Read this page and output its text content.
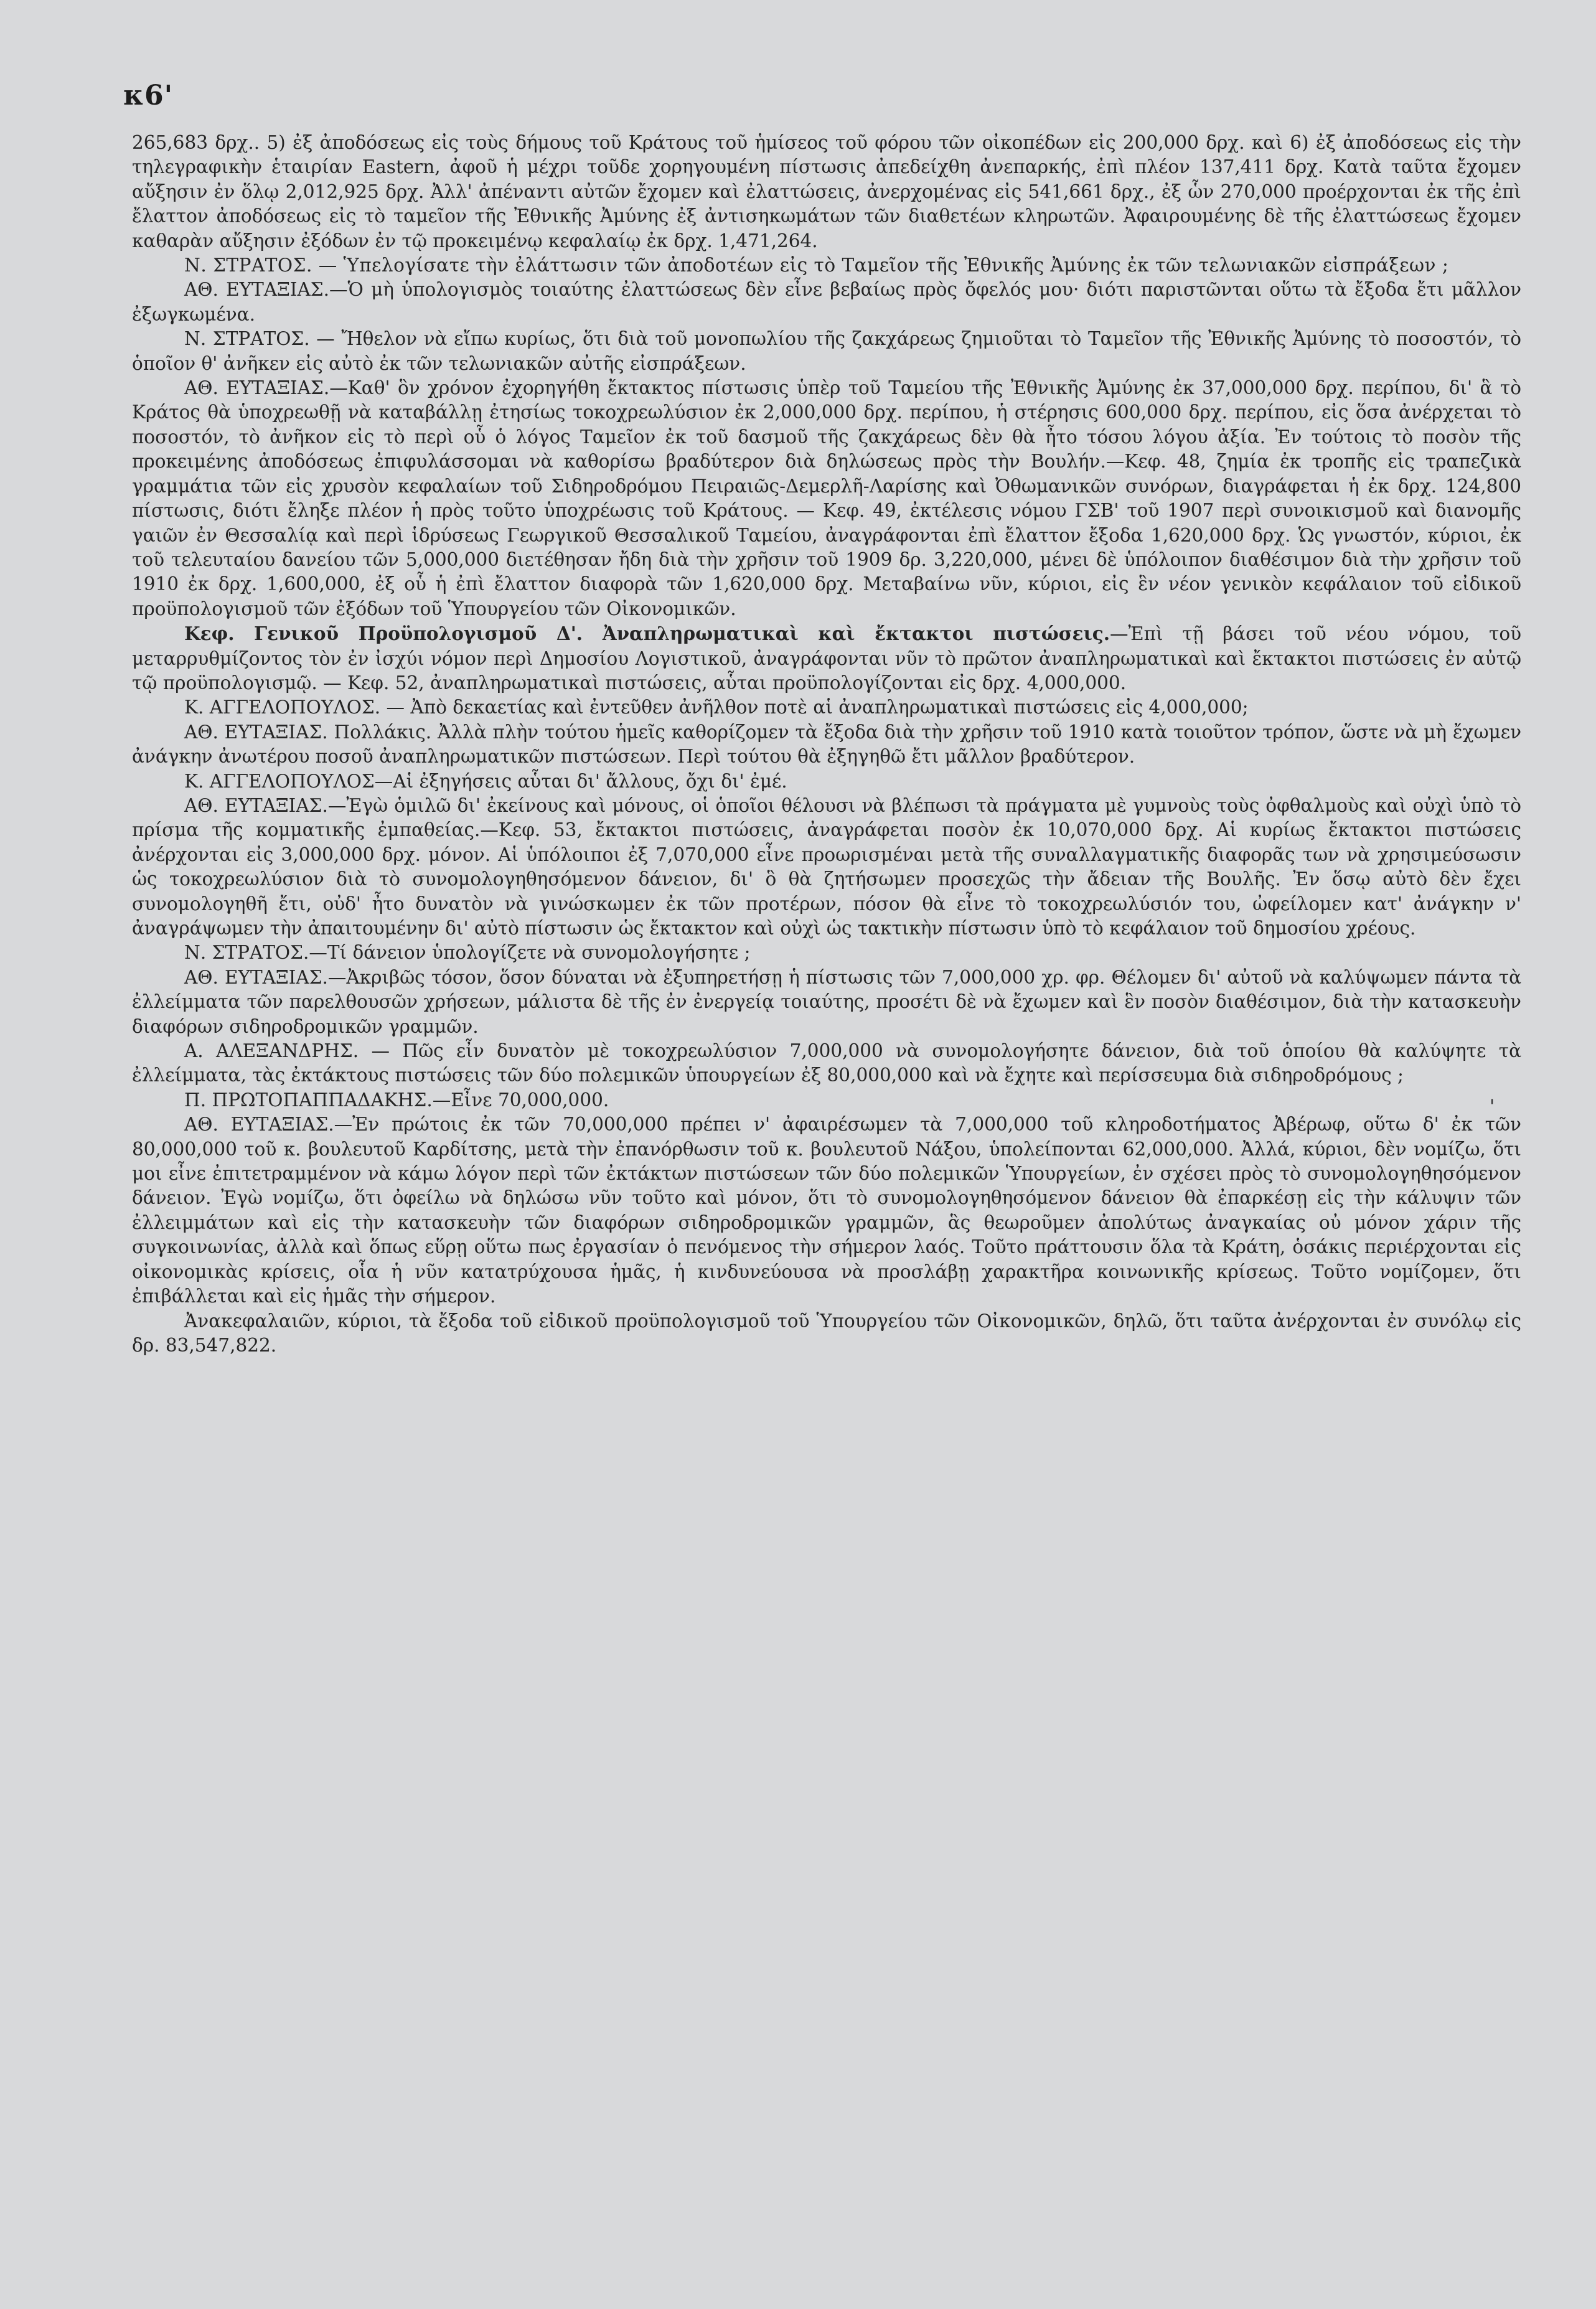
κ6'
'

265,683 δρχ.. 5) ἐξ ἀποδόσεως εἰς τοὺς δήμους τοῦ Κράτους τοῦ ἡμίσεος τοῦ φόρου τῶν οἰκοπέδων εἰς 200,000 δρχ. καὶ 6) ἐξ ἀποδόσεως εἰς τὴν τηλεγραφικὴν ἑταιρίαν Eastern, ἀφοῦ ἡ μέχρι τοῦδε χορηγουμένη πίστωσις ἀπεδείχθη ἀνεπαρκής, ἐπὶ πλέον 137,411 δρχ. Κατὰ ταῦτα ἔχομεν αὔξησιν ἐν ὅλῳ 2,012,925 δρχ. Ἀλλ' ἀπέναντι αὐτῶν ἔχομεν καὶ ἐλαττώσεις, ἀνερχομένας εἰς 541,661 δρχ., ἐξ ὧν 270,000 προέρχονται ἐκ τῆς ἐπὶ ἔλαττον ἀποδόσεως εἰς τὸ ταμεῖον τῆς Ἐθνικῆς Ἀμύνης ἐξ ἀντισηκωμάτων τῶν διαθετέων κληρωτῶν. Ἀφαιρουμένης δὲ τῆς ἐλαττώσεως ἔχομεν καθαρὰν αὔξησιν ἐξόδων ἐν τῷ προκειμένῳ κεφαλαίῳ ἐκ δρχ. 1,471,264.

Ν. ΣΤΡΑΤΟΣ. — Ὑπελογίσατε τὴν ἐλάττωσιν τῶν ἀποδοτέων εἰς τὸ Ταμεῖον τῆς Ἐθνικῆς Ἀμύνης ἐκ τῶν τελωνιακῶν εἰσπράξεων ;

ΑΘ. ΕΥΤΑΞΙΑΣ.—Ὁ μὴ ὑπολογισμὸς τοιαύτης ἐλαττώσεως δὲν εἶνε βεβαίως πρὸς ὄφελός μου· διότι παριστῶνται οὕτω τὰ ἔξοδα ἔτι μᾶλλον ἐξωγκωμένα.

Ν. ΣΤΡΑΤΟΣ. — Ἤθελον νὰ εἴπω κυρίως, ὅτι διὰ τοῦ μονοπωλίου τῆς ζακχάρεως ζημιοῦται τὸ Ταμεῖον τῆς Ἐθνικῆς Ἀμύνης τὸ ποσοστόν, τὸ ὁποῖον θ' ἀνῆκεν εἰς αὐτὸ ἐκ τῶν τελωνιακῶν αὐτῆς εἰσπράξεων.

ΑΘ. ΕΥΤΑΞΙΑΣ.—Καθ' ὃν χρόνον ἐχορηγήθη ἔκτακτος πίστωσις ὑπὲρ τοῦ Ταμείου τῆς Ἐθνικῆς Ἀμύνης ἐκ 37,000,000 δρχ. περίπου, δι' ἃ τὸ Κράτος θὰ ὑποχρεωθῇ νὰ καταβάλλῃ ἐτησίως τοκοχρεωλύσιον ἐκ 2,000,000 δρχ. περίπου, ἡ στέρησις 600,000 δρχ. περίπου, εἰς ὅσα ἀνέρχεται τὸ ποσοστόν, τὸ ἀνῆκον εἰς τὸ περὶ οὗ ὁ λόγος Ταμεῖον ἐκ τοῦ δασμοῦ τῆς ζακχάρεως δὲν θὰ ἦτο τόσου λόγου ἀξία. Ἐν τούτοις τὸ ποσὸν τῆς προκειμένης ἀποδόσεως ἐπιφυλάσσομαι νὰ καθορίσω βραδύτερον διὰ δηλώσεως πρὸς τὴν Βουλήν.—Κεφ. 48, ζημία ἐκ τροπῆς εἰς τραπεζικὰ γραμμάτια τῶν εἰς χρυσὸν κεφαλαίων τοῦ Σιδηροδρόμου Πειραιῶς-Δεμερλῆ-Λαρίσης καὶ Ὀθωμανικῶν συνόρων, διαγράφεται ἡ ἐκ δρχ. 124,800 πίστωσις, διότι ἔληξε πλέον ἡ πρὸς τοῦτο ὑποχρέωσις τοῦ Κράτους. — Κεφ. 49, ἐκτέλεσις νόμου ΓΣΒ' τοῦ 1907 περὶ συνοικισμοῦ καὶ διανομῆς γαιῶν ἐν Θεσσαλίᾳ καὶ περὶ ἱδρύσεως Γεωργικοῦ Θεσσαλικοῦ Ταμείου, ἀναγράφονται ἐπὶ ἔλαττον ἔξοδα 1,620,000 δρχ. Ὡς γνωστόν, κύριοι, ἐκ τοῦ τελευταίου δανείου τῶν 5,000,000 διετέθησαν ἤδη διὰ τὴν χρῆσιν τοῦ 1909 δρ. 3,220,000, μένει δὲ ὑπόλοιπον διαθέσιμον διὰ τὴν χρῆσιν τοῦ 1910 ἐκ δρχ. 1,600,000, ἐξ οὗ ἡ ἐπὶ ἔλαττον διαφορὰ τῶν 1,620,000 δρχ. Μεταβαίνω νῦν, κύριοι, εἰς ἓν νέον γενικὸν κεφάλαιον τοῦ εἰδικοῦ προϋπολογισμοῦ τῶν ἐξόδων τοῦ Ὑπουργείου τῶν Οἰκονομικῶν.

Κεφ. Γενικοῦ Προϋπολογισμοῦ Δ'. Ἀναπληρωματικαὶ καὶ ἔκτακτοι πιστώσεις.—Ἐπὶ τῇ βάσει τοῦ νέου νόμου, τοῦ μεταρρυθμίζοντος τὸν ἐν ἰσχύι νόμον περὶ Δημοσίου Λογιστικοῦ, ἀναγράφονται νῦν τὸ πρῶτον ἀναπληρωματικαὶ καὶ ἔκτακτοι πιστώσεις ἐν αὐτῷ τῷ προϋπολογισμῷ. — Κεφ. 52, ἀναπληρωματικαὶ πιστώσεις, αὗται προϋπολογίζονται εἰς δρχ. 4,000,000.

Κ. ΑΓΓΕΛΟΠΟΥΛΟΣ. — Ἀπὸ δεκαετίας καὶ ἐντεῦθεν ἀνῆλθον ποτὲ αἱ ἀναπληρωματικαὶ πιστώσεις εἰς 4,000,000;

ΑΘ. ΕΥΤΑΞΙΑΣ. Πολλάκις. Ἀλλὰ πλὴν τούτου ἡμεῖς καθορίζομεν τὰ ἔξοδα διὰ τὴν χρῆσιν τοῦ 1910 κατὰ τοιοῦτον τρόπον, ὥστε νὰ μὴ ἔχωμεν ἀνάγκην ἀνωτέρου ποσοῦ ἀναπληρωματικῶν πιστώσεων. Περὶ τούτου θὰ ἐξηγηθῶ ἔτι μᾶλλον βραδύτερον.

Κ. ΑΓΓΕΛΟΠΟΥΛΟΣ—Αἱ ἐξηγήσεις αὗται δι' ἄλλους, ὄχι δι' ἐμέ.

ΑΘ. ΕΥΤΑΞΙΑΣ.—Ἐγὼ ὁμιλῶ δι' ἐκείνους καὶ μόνους, οἱ ὁποῖοι θέλουσι νὰ βλέπωσι τὰ πράγματα μὲ γυμνοὺς τοὺς ὀφθαλμοὺς καὶ οὐχὶ ὑπὸ τὸ πρίσμα τῆς κομματικῆς ἐμπαθείας.—Κεφ. 53, ἔκτακτοι πιστώσεις, ἀναγράφεται ποσὸν ἐκ 10,070,000 δρχ. Αἱ κυρίως ἔκτακτοι πιστώσεις ἀνέρχονται εἰς 3,000,000 δρχ. μόνον. Αἱ ὑπόλοιποι ἐξ 7,070,000 εἶνε προωρισμέναι μετὰ τῆς συναλλαγματικῆς διαφορᾶς των νὰ χρησιμεύσωσιν ὡς τοκοχρεωλύσιον διὰ τὸ συνομολογηθησόμενον δάνειον, δι' ὃ θὰ ζητήσωμεν προσεχῶς τὴν ἄδειαν τῆς Βουλῆς. Ἐν ὅσῳ αὐτὸ δὲν ἔχει συνομολογηθῆ ἔτι, οὐδ' ἦτο δυνατὸν νὰ γινώσκωμεν ἐκ τῶν προτέρων, πόσον θὰ εἶνε τὸ τοκοχρεωλύσιόν του, ὠφείλομεν κατ' ἀνάγκην ν' ἀναγράψωμεν τὴν ἀπαιτουμένην δι' αὐτὸ πίστωσιν ὡς ἔκτακτον καὶ οὐχὶ ὡς τακτικὴν πίστωσιν ὑπὸ τὸ κεφάλαιον τοῦ δημοσίου χρέους.

Ν. ΣΤΡΑΤΟΣ.—Τί δάνειον ὑπολογίζετε νὰ συνομολογήσητε ;

ΑΘ. ΕΥΤΑΞΙΑΣ.—Ἀκριβῶς τόσον, ὅσον δύναται νὰ ἐξυπηρετήσῃ ἡ πίστωσις τῶν 7,000,000 χρ. φρ. Θέλομεν δι' αὐτοῦ νὰ καλύψωμεν πάντα τὰ ἐλλείμματα τῶν παρελθουσῶν χρήσεων, μάλιστα δὲ τῆς ἐν ἐνεργείᾳ τοιαύτης, προσέτι δὲ νὰ ἔχωμεν καὶ ἓν ποσὸν διαθέσιμον, διὰ τὴν κατασκευὴν διαφόρων σιδηροδρομικῶν γραμμῶν.

Α. ΑΛΕΞΑΝΔΡΗΣ. — Πῶς εἶν δυνατὸν μὲ τοκοχρεωλύσιον 7,000,000 νὰ συνομολογήσητε δάνειον, διὰ τοῦ ὁποίου θὰ καλύψητε τὰ ἐλλείμματα, τὰς ἐκτάκτους πιστώσεις τῶν δύο πολεμικῶν ὑπουργείων ἐξ 80,000,000 καὶ νὰ ἔχητε καὶ περίσσευμα διὰ σιδηροδρόμους ;

Π. ΠΡΩΤΟΠΑΠΠΑΔΑΚΗΣ.—Εἶνε 70,000,000.

ΑΘ. ΕΥΤΑΞΙΑΣ.—Ἐν πρώτοις ἐκ τῶν 70,000,000 πρέπει ν' ἀφαιρέσωμεν τὰ 7,000,000 τοῦ κληροδοτήματος Ἀβέρωφ, οὕτω δ' ἐκ τῶν 80,000,000 τοῦ κ. βουλευτοῦ Καρδίτσης, μετὰ τὴν ἐπανόρθωσιν τοῦ κ. βουλευτοῦ Νάξου, ὑπολείπονται 62,000,000. Ἀλλά, κύριοι, δὲν νομίζω, ὅτι μοι εἶνε ἐπιτετραμμένον νὰ κάμω λόγον περὶ τῶν ἐκτάκτων πιστώσεων τῶν δύο πολεμικῶν Ὑπουργείων, ἐν σχέσει πρὸς τὸ συνομολογηθησόμενον δάνειον. Ἐγὼ νομίζω, ὅτι ὀφείλω νὰ δηλώσω νῦν τοῦτο καὶ μόνον, ὅτι τὸ συνομολογηθησόμενον δάνειον θὰ ἐπαρκέσῃ εἰς τὴν κάλυψιν τῶν ἐλλειμμάτων καὶ εἰς τὴν κατασκευὴν τῶν διαφόρων σιδηροδρομικῶν γραμμῶν, ἃς θεωροῦμεν ἀπολύτως ἀναγκαίας οὐ μόνον χάριν τῆς συγκοινωνίας, ἀλλὰ καὶ ὅπως εὕρῃ οὕτω πως ἐργασίαν ὁ πενόμενος τὴν σήμερον λαός. Τοῦτο πράττουσιν ὅλα τὰ Κράτη, ὁσάκις περιέρχονται εἰς οἰκονομικὰς κρίσεις, οἷα ἡ νῦν κατατρύχουσα ἡμᾶς, ἡ κινδυνεύουσα νὰ προσλάβῃ χαρακτῆρα κοινωνικῆς κρίσεως. Τοῦτο νομίζομεν, ὅτι ἐπιβάλλεται καὶ εἰς ἡμᾶς τὴν σήμερον.

Ἀνακεφαλαιῶν, κύριοι, τὰ ἔξοδα τοῦ εἰδικοῦ προϋπολογισμοῦ τοῦ Ὑπουργείου τῶν Οἰκονομικῶν, δηλῶ, ὅτι ταῦτα ἀνέρχονται ἐν συνόλῳ εἰς δρ. 83,547,822.
